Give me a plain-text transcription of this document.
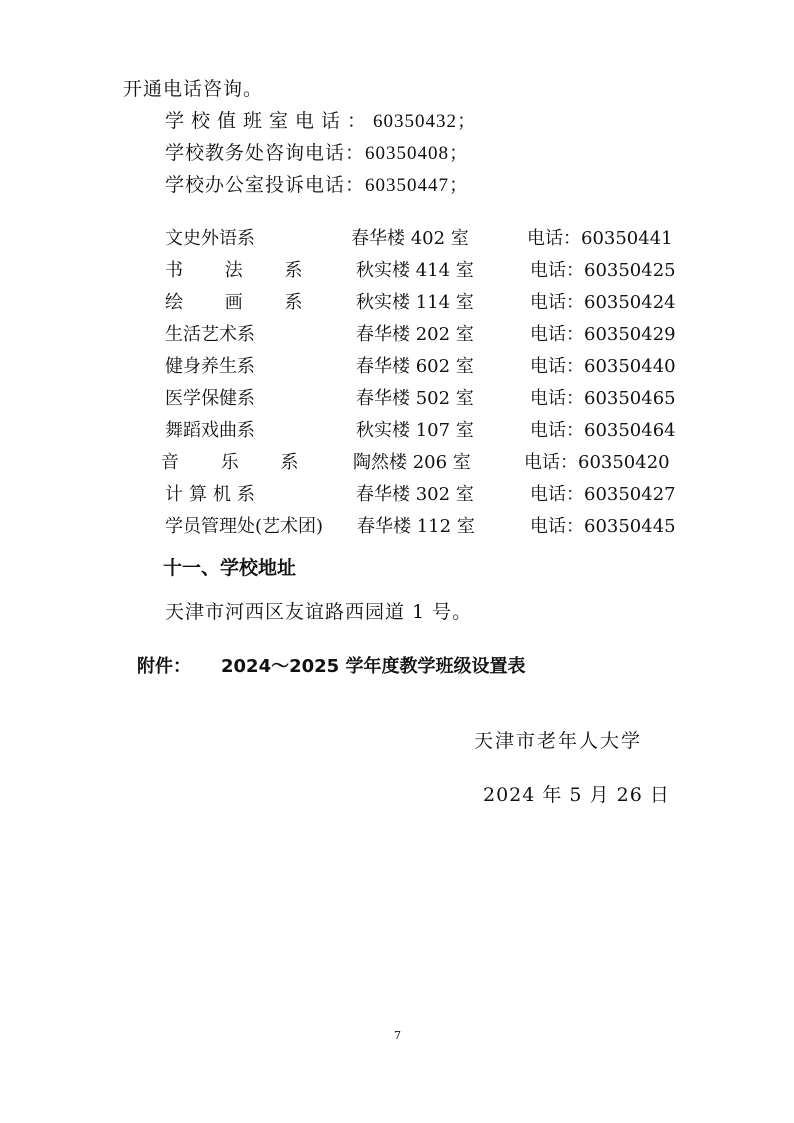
开通电话咨询。
学校值班室电话：60350432；
学校教务处咨询电话：60350408；
学校办公室投诉电话：60350447；
文史外语系	春华楼 402 室	电话：60350441
书 法 系 秋实楼 414 室	电话：60350425
绘 画 系 秋实楼 114 室	电话：60350424
生活艺术系	春华楼 202 室	电话：60350429
健身养生系	春华楼 602 室	电话：60350440
医学保健系	春华楼 502 室	电话：60350465
舞蹈戏曲系	秋实楼 107 室	电话：60350464
音 乐 系 陶然楼 206 室	电话：60350420
计算机系	春华楼 302 室	电话：60350427
学员管理处(艺术团) 春华楼 112 室	电话：60350445
十一、学校地址
天津市河西区友谊路西园道 1 号。
附件： 2024～2025 学年度教学班级设置表
天津市老年人大学
2024 年 5 月 26 日
7
